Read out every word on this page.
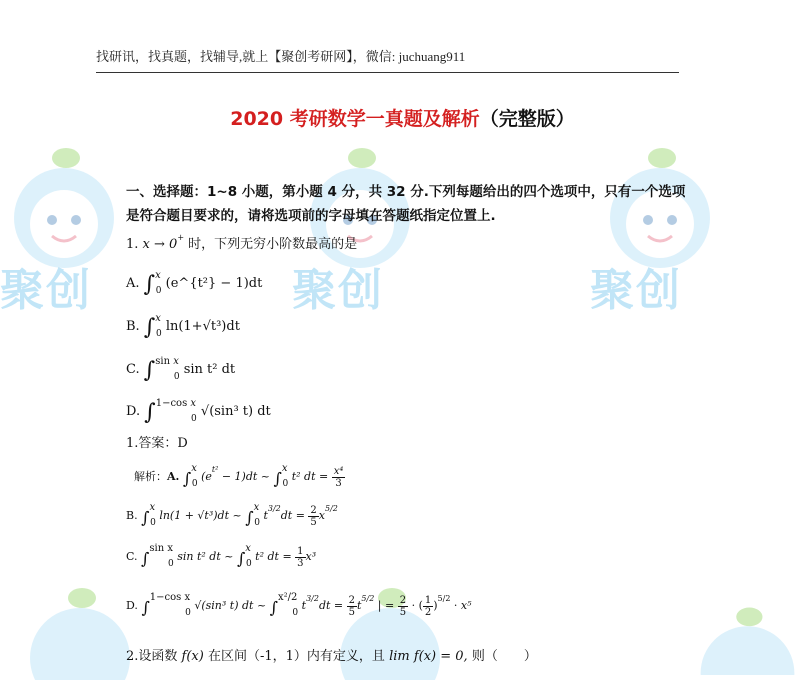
聚创	聚创	聚创
找研讯，找真题，找辅导,就上【聚创考研网】，微信: juchuang911
2020 考研数学一真题及解析（完整版）
一、选择题：1~8 小题，第小题 4 分，共 32 分.下列每题给出的四个选项中，只有一个选项是符合题目要求的，请将选项前的字母填在答题纸指定位置上.
1. x → 0+ 时，下列无穷小阶数最高的是
A. ∫$^x_0$ (e^{t²} − 1)dt
B. ∫$^x_0$ ln(1+√t³)dt
C. ∫$^{sin x}_0$ sin t² dt
D. ∫$^{1-cos x}_0$ √(sin³ t) dt
1.答案：D
解析：A. $\int x_0$ $(e^{t^2} - 1)dt$ ~ $\int x_0$ t² dt = $\frac{\text{x⁴}}{3}$
B. $\int x_0$ ln(1 + √t³)dt ~ $\int x_0$ $t^{3/2}dt = \frac{2}{5} x^{5/2}$
C. ∫sin $x_0$ sin t² dt ~ $\int x_0$ t² dt = $\frac{1}{3} x^3$
D. ∫1−cos $x_0$ √(sin³ t) dt ~ $\int x^2/2_0$ $t^{3/2}dt = \frac{2}{5} t^{5/2}$ | = $\frac{2}{5}$ · ( $\frac{1}{2} )^{5/2} \cdot x^5$
2.设函数 f(x) 在区间（-1，1）内有定义，且 lim f(x) = 0, 则（　　）
